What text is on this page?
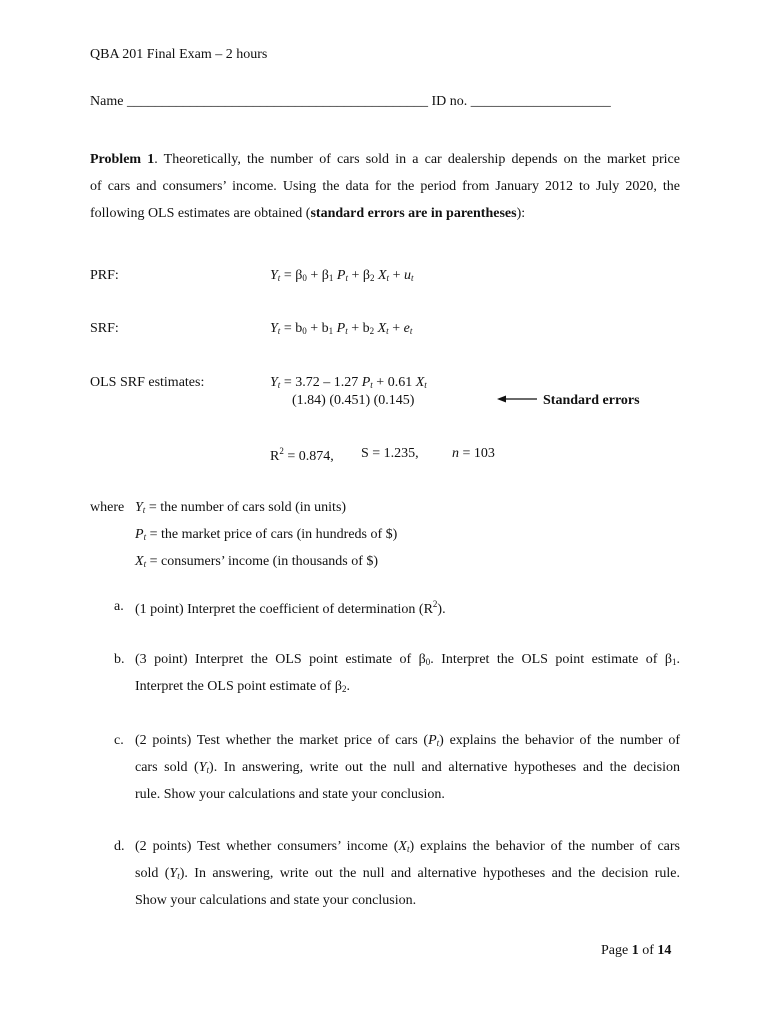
QBA 201 Final Exam – 2 hours
Name ___________________________________________ ID no. ____________________
Problem 1. Theoretically, the number of cars sold in a car dealership depends on the market price
of cars and consumers’ income. Using the data for the period from January 2012 to July 2020, the
following OLS estimates are obtained (standard errors are in parentheses):
PRF:	$Y_t = \beta_0 + \beta_1$ $P_t + \beta_2$ $X_t + u_t$
SRF:	$Y_t = b_0 + b_1$ $P_t + b_2$ $X_t + e_t$
OLS SRF estimates:	$Y_t = 3.72 - 1.27$ $P_t + 0.61$ $X_t$
(1.84) (0.451) (0.145)	Standard errors
$R^2 = 0.874$, S = 1.235, n = 103
where $Y_t$ = the number of cars sold (in units)
$P_t$ = the market price of cars (in hundreds of $)
$X_t$ = consumers’ income (in thousands of $)
a. (1 point) Interpret the coefficient of determination $(R^2)$.
b. (3 point) Interpret the OLS point estimate of $\beta_0$. Interpret the OLS point estimate of $\beta_1$.
Interpret the OLS point estimate of $\beta_2$.
c. (2 points) Test whether the market price of cars $(P_t)$ explains the behavior of the number of
cars sold $(Y_t)$. In answering, write out the null and alternative hypotheses and the decision
rule. Show your calculations and state your conclusion.
d. (2 points) Test whether consumers’ income $(X_t)$ explains the behavior of the number of cars
sold $(Y_t)$. In answering, write out the null and alternative hypotheses and the decision rule.
Show your calculations and state your conclusion.
Page 1 of 14
